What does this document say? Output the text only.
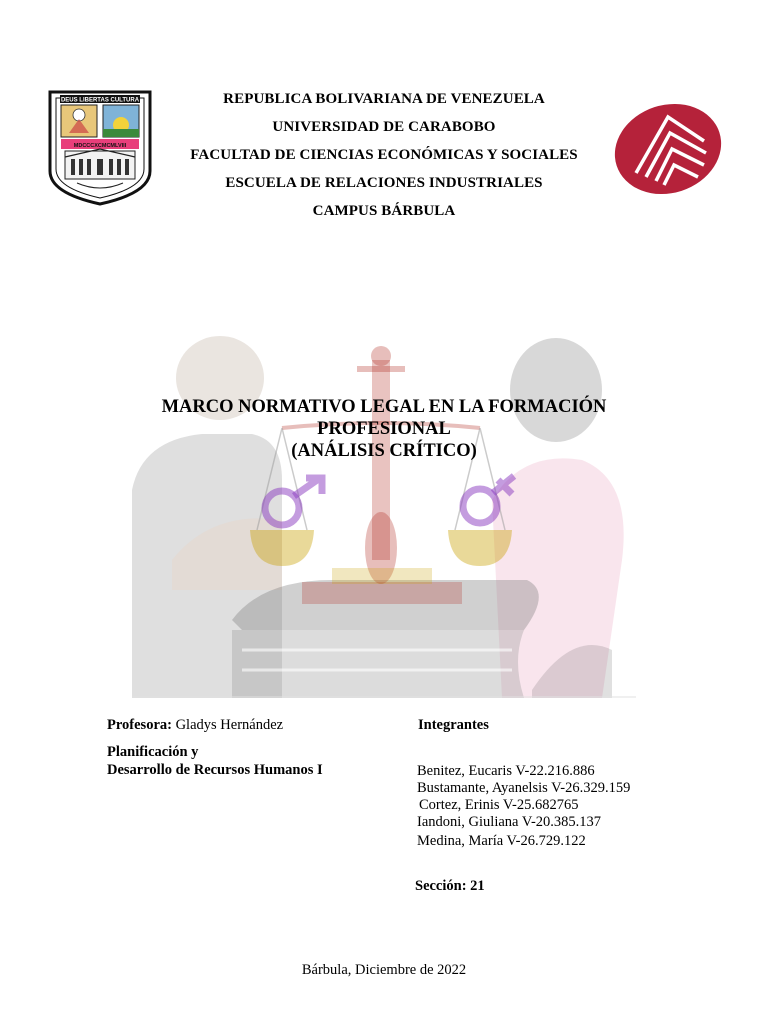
DEUS LIBERTAS CULTURA
MDCCCXCMCMLVIII
REPUBLICA BOLIVARIANA DE VENEZUELA
UNIVERSIDAD DE CARABOBO
FACULTAD DE CIENCIAS ECONÓMICAS Y SOCIALES
ESCUELA DE RELACIONES INDUSTRIALES
CAMPUS BÁRBULA
MARCO NORMATIVO LEGAL EN LA FORMACIÓN
PROFESIONAL
(ANÁLISIS CRÍTICO)
Profesora: Gladys Hernández
Planificación y
Desarrollo de Recursos Humanos I
Integrantes
Benitez, Eucaris V-22.216.886
Bustamante, Ayanelsis V-26.329.159
Cortez, Erinis V-25.682765
Iandoni, Giuliana V-20.385.137
Medina, María V-26.729.122
Sección: 21
Bárbula, Diciembre de 2022
